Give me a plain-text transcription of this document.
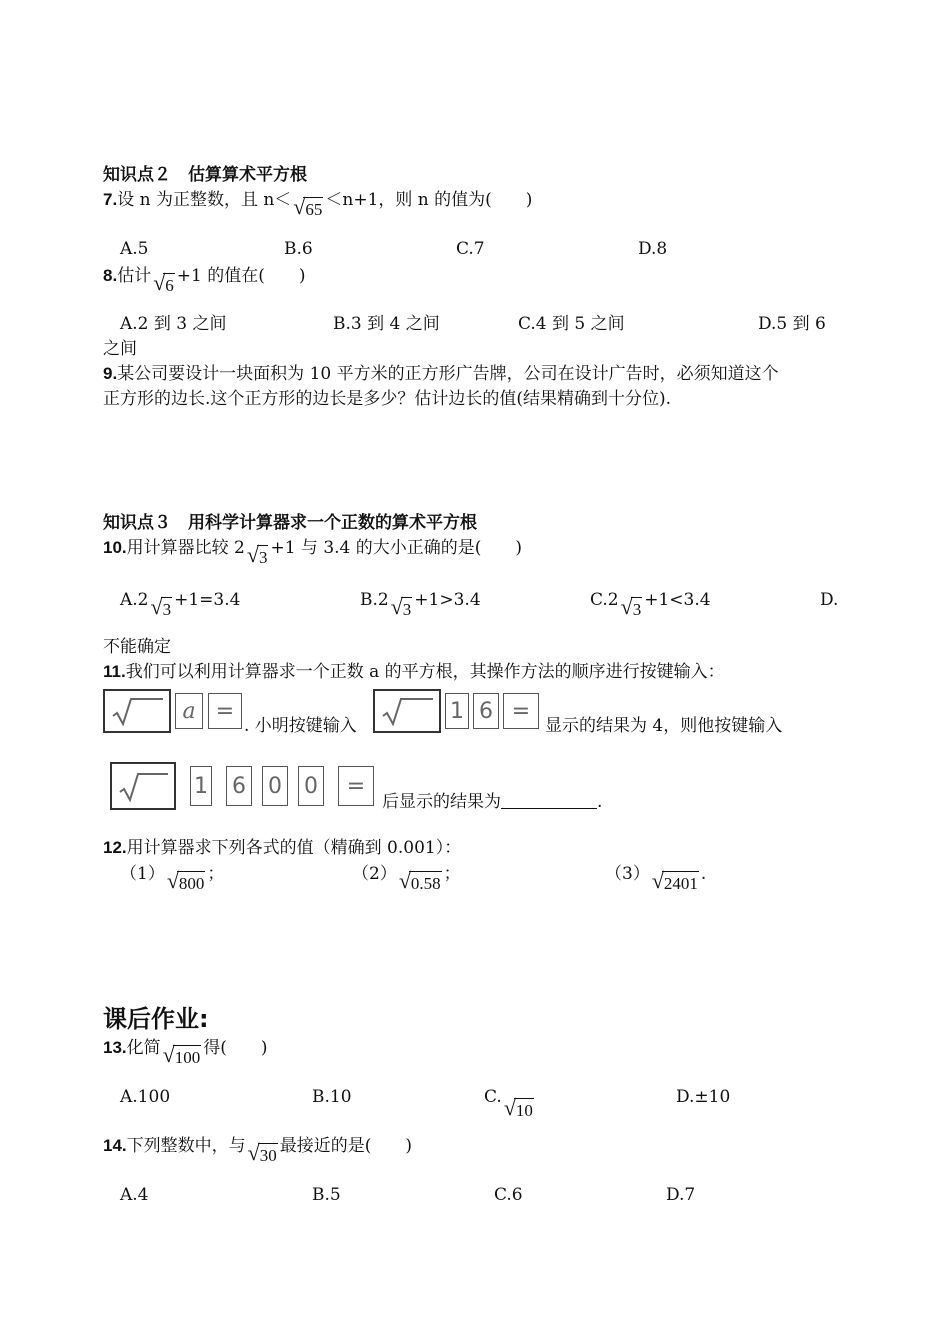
知识点２　估算算术平方根
7.设 n 为正整数，且 n＜√65 ＜n+1，则 n 的值为(　　)
A.5	B.6	C.7	D.8
8.估计√6 +1 的值在(　　)
A.2 到 3 之间	B.3 到 4 之间	C.4 到 5 之间	D.5 到 6
之间
9.某公司要设计一块面积为 10 平方米的正方形广告牌，公司在设计广告时，必须知道这个
正方形的边长.这个正方形的边长是多少？估计边长的值(结果精确到十分位).
知识点３　用科学计算器求一个正数的算术平方根
10.用计算器比较 2√3 +1 与 3.4 的大小正确的是(　　)
A.2√3 +1=3.4	B.2√3 +1>3.4	C.2√3 +1<3.4	D.
不能确定
11.我们可以利用计算器求一个正数 a 的平方根，其操作方法的顺序进行按键输入：
a =
. 小明按键输入
1 6 =
显示的结果为 4，则他按键输入
1 6 0 0 =
后显示的结果为	.
12.用计算器求下列各式的值（精确到 0.001）：
（1）√800 ；	（2）√0.58 ；	（3）√2401 .
课后作业:
13.化简√100 得(　　)
A.100	B.10	C.√10
D.±10
14.下列整数中，与√30 最接近的是(　　)
A.4	B.5	C.6	D.7
